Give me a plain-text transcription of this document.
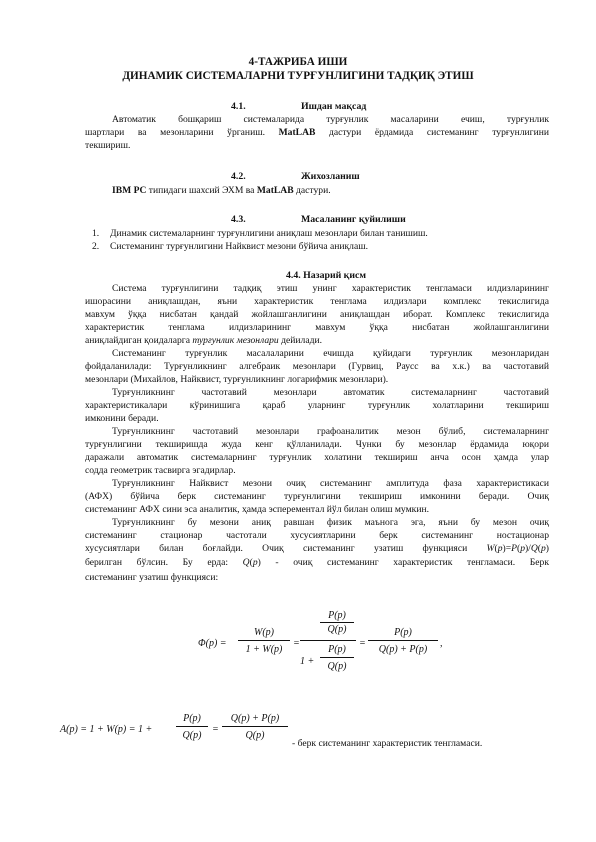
4-ТАЖРИБА ИШИ
ДИНАМИК СИСТЕМАЛАРНИ ТУРҒУНЛИГИНИ ТАДҚИҚ ЭТИШ
4.1.	Ишдан мақсад
Автоматик бошқариш системаларида турғунлик масаларини ечиш, турғунлик
шартлари ва мезонларини ўрганиш. MatLAB дастури ёрдамида системанинг турғунлигини
текшириш.
4.2.	Жихозланиш
IBM PC типидаги шахсий ЭХМ ва MatLAB дастури.
4.3.	Масаланинг қуйилиши
1. Динамик системаларнинг турғунлигини аниқлаш мезонлари билан танишиш.
2. Системанинг турғунлигини Найквист мезони бўйича аниқлаш.
4.4. Назарий қисм
Система турғунлигини тадқиқ этиш унинг характеристик тенгламаси илдизларининг
ишорасини аниқлашдан, яъни характеристик тенглама илдизлари комплекс текислигида
мавхум ўққа нисбатан қандай жойлашганлигини аниқлашдан иборат. Комплекс текислигида
характеристик тенглама илдизларининг мавхум ўққа нисбатан жойлашганлигини
аниқлайдиган қоидаларга турғунлик мезонлари дейилади.
Системанинг турғунлик масалаларини ечишда қуйидаги турғунлик мезонларидан
фойдаланилади: Турғунликнинг алгебраик мезонлари (Гурвиц, Раусс ва х.к.) ва частотавий
мезонлари (Михайлов, Найквист, турғунликнинг логарифмик мезонлари).
Турғунликнинг частотавий мезонлари автоматик системаларнинг частотавий
характеристикалари кўринишига қараб уларнинг турғунлик холатларини текшириш
имконини беради.
Турғунликнинг частотавий мезонлари графоаналитик мезон бўлиб, системаларнинг
турғунлигини текширишда жуда кенг қўлланилади. Чунки бу мезонлар ёрдамида юқори
даражали автоматик системаларнинг турғунлик холатини текшириш анча осон ҳамда улар
содда геометрик тасвирга эгадирлар.
Турғунликнинг Найквист мезони очиқ системанинг амплитуда фаза характеристикаси
(АФХ) бўйича берк системанинг турғунлигини текшириш имконини беради. Очиқ
системанинг АФХ сини эса аналитик, ҳамда эсперементал йўл билан олиш мумкин.
Турғунликнинг бу мезони аниқ равшан физик маънога эга, яъни бу мезон очиқ
системанинг стационар частотали хусусиятларини берк системанинг ностационар
хусусиятлари билан боғлайди. Очиқ системанинг узатиш функцияси W(p)=P(p)/Q(p)
берилган бўлсин. Бу ерда: Q(p) - очиқ системанинг характеристик тенгламаси. Берк
системанинг узатиш функцияси:
Φ(p) =
W(p)
1 + W(p)
=
P(p)
Q(p)
1 +
P(p)
Q(p)
=
P(p)
Q(p) + P(p)
,
A(p) = 1 + W(p) = 1 +
P(p)
Q(p)
=
Q(p) + P(p)
Q(p)
- берк системанинг характеристик тенгламаси.
